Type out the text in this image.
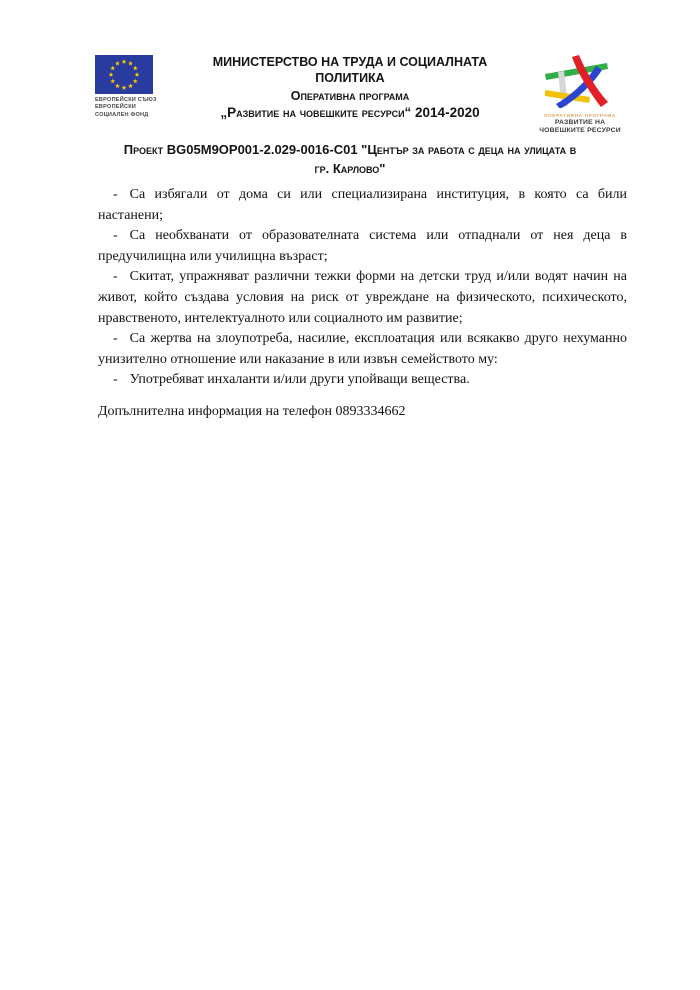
ЕВРОПЕЙСКИ СЪЮЗ
ЕВРОПЕЙСКИ
СОЦИАЛЕН ФОНД
МИНИСТЕРСТВО НА ТРУДА И СОЦИАЛНАТА ПОЛИТИКА
Оперативна програма
„Развитие на човешките ресурси“ 2014-2020	ОПЕРАТИВНА ПРОГРАМА
РАЗВИТИЕ НА
ЧОВЕШКИТЕ РЕСУРСИ
Проект BG05M9OP001-2.029-0016-C01 "Център за работа с деца на улицата в гр. Карлово"

- Са избягали от дома си или специализирана институция, в която са били настанени;

- Са необхванати от образователната система или отпаднали от нея деца в предучилищна или училищна възраст;

- Скитат, упражняват различни тежки форми на детски труд и/или водят начин на живот, който създава условия на риск от увреждане на физическото, психическото, нравственото, интелектуалното или социалното им развитие;

- Са жертва на злоупотреба, насилие, експлоатация или всякакво друго нехуманно унизително отношение или наказание в или извън семейството му:

- Употребяват инхаланти и/или други упойващи вещества.

Допълнителна информация на телефон 0893334662
